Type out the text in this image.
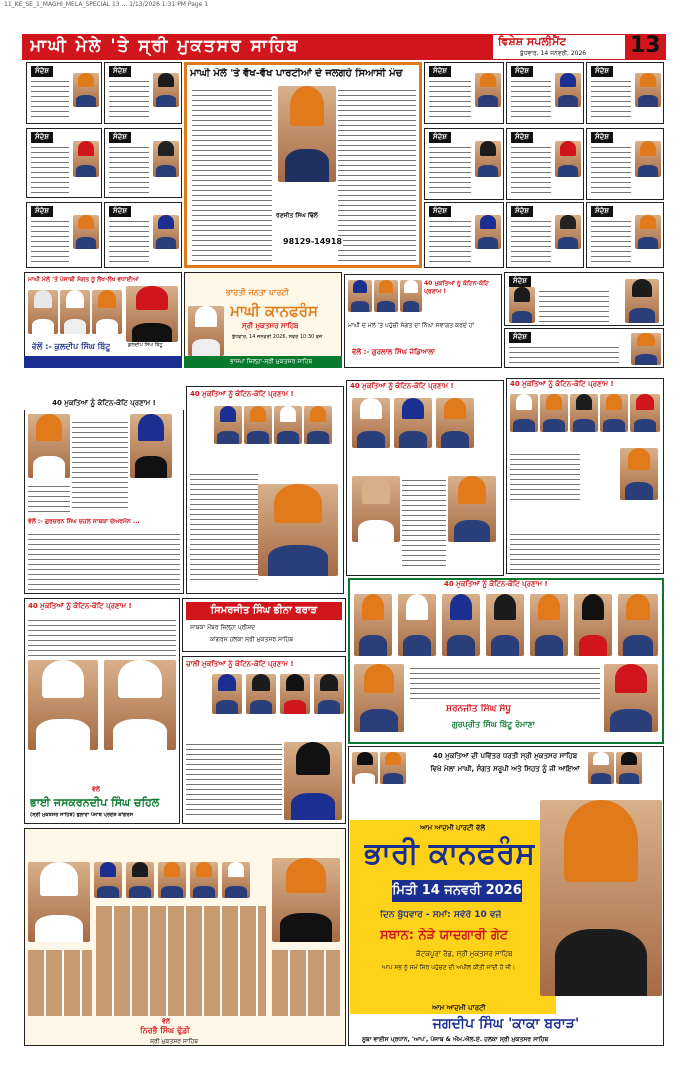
11_KE_SE_1_MAGHI_MELA_SPECIAL 13 ... 1/13/2026 1:31 PM Page 1
ਮਾਘੀ ਮੇਲੇ 'ਤੇ ਸ੍ਰੀ ਮੁਕਤਸਰ ਸਾਹਿਬ	ਵਿਸ਼ੇਸ਼ ਸਪਲੀਮੈਂਟ
ਬੁੱਧਵਾਰ, 14 ਜਨਵਰੀ, 2026 13
ਸੰਦੇਸ਼	ਸੰਦੇਸ਼
ਸੰਦੇਸ਼	ਸੰਦੇਸ਼
ਸੰਦੇਸ਼	ਸੰਦੇਸ਼
ਮਾਘੀ ਮੇਲੇ 'ਤੇ ਵੱਖ-ਵੱਖ ਪਾਰਟੀਆਂ ਦੇ ਜਲਗਹੇ ਸਿਆਸੀ ਮੰਚ
ਰਣਜੀਤ ਸਿੰਘ ਢਿੱਲੋਂ
98129-14918
ਸੰਦੇਸ਼	ਸੰਦੇਸ਼	ਸੰਦੇਸ਼
ਸੰਦੇਸ਼	ਸੰਦੇਸ਼	ਸੰਦੇਸ਼
ਸੰਦੇਸ਼	ਸੰਦੇਸ਼	ਸੰਦੇਸ਼
ਮਾਘੀ ਮੇਲੇ 'ਤੇ ਪੰਜਾਬੀ ਸੰਗਤ ਨੂੰ ਲੱਖ-ਲੱਖ ਵਧਾਈਆਂ
ਵੱਲੋਂ :- ਕੁਲਦੀਪ ਸਿੰਘ ਬਿੱਟੂ	ਕੁਲਦੀਪ ਸਿੰਘ ਬਿੱਟੂ
ਭਾਰਤੀ ਜਨਤਾ ਪਾਰਟੀ
ਮਾਘੀ ਕਾਨਫਰੰਸ
ਸ੍ਰੀ ਮੁਕਤਸਰ ਸਾਹਿਬ
ਬੁੱਧਵਾਰ, 14 ਜਨਵਰੀ 2026, ਸਵੇਰੇ 10:30 ਵਜੇ
ਭਾਜਪਾ ਜ਼ਿਲ੍ਹਾ-ਸ੍ਰੀ ਮੁਕਤਸਰ ਸਾਹਿਬ
40 ਮੁਕਤਿਆਂ ਨੂੰ ਕੋਟਿਨ-ਕੋਟਿ ਪ੍ਰਣਾਮ !
ਮਾਘੀ ਦੇ ਮੇਲੇ 'ਤੇ ਪਹੁੰਚੀ ਸੰਗਤ ਦਾ ਨਿੱਘਾ ਸਵਾਗਤ ਕਰਦੇ ਹਾਂ
ਵੱਲੋਂ :- ਗੁਰਲਾਲ ਸਿੰਘ ਜੰਡਿਆਲਾ
ਸੰਦੇਸ਼
ਸੰਦੇਸ਼
40 ਮੁਕਤਿਆਂ ਨੂੰ ਕੋਟਿਨ-ਕੋਟਿ ਪ੍ਰਣਾਮ !
ਵੱਲੋਂ :- ਗੁਰਚਰਨ ਸਿੰਘ ਚਹਲ ਸਾਬਕਾ ਚੇਅਰਮੈਨ ...
40 ਮੁਕਤਿਆਂ ਨੂੰ ਕੋਟਿਨ-ਕੋਟਿ ਪ੍ਰਣਾਮ !
40 ਮੁਕਤਿਆਂ ਨੂੰ ਕੋਟਿਨ-ਕੋਟਿ ਪ੍ਰਣਾਮ !	40 ਮੁਕਤਿਆਂ ਨੂੰ ਕੋਟਿਨ-ਕੋਟਿ ਪ੍ਰਣਾਮ !
40 ਮੁਕਤਿਆਂ ਨੂੰ ਕੋਟਿਨ-ਕੋਟਿ ਪ੍ਰਣਾਮ !
ਵੱਲੋਂ
ਭਾਈ ਜਸਕਰਨਦੀਪ ਸਿੰਘ ਚਹਿਲ
(ਸ੍ਰੀ ਮੁਕਤਸਰ ਸਾਹਿਬ) ਬੁਲਾਰਾ ਪੰਜਾਬ ਪ੍ਰਦੇਸ਼ ਕਾਂਗਰਸ
ਸਿਮਰਜੀਤ ਸਿੰਘ ਭੀਨਾ ਬਰਾੜ
ਸਾਬਕਾ ਮੈਂਬਰ ਜ਼ਿਲ੍ਹਾ ਪ੍ਰੀਸ਼ਦ
ਕਾਂਗਰਸ ਹਲਕਾ ਸ੍ਰੀ ਮੁਕਤਸਰ ਸਾਹਿਬ
ਚਾਲੀ ਮੁਕਤਿਆਂ ਨੂੰ ਕੋਟਿਨ-ਕੋਟਿ ਪ੍ਰਣਾਮ !
40 ਮੁਕਤਿਆਂ ਨੂੰ ਕੋਟਿਨ-ਕੋਟਿ ਪ੍ਰਣਾਮ !
ਸ਼ਰਨਜੀਤ ਸਿੰਘ ਸੰਧੂ
ਗੁਰਪ੍ਰੀਤ ਸਿੰਘ ਬਿੱਟੂ ਰੋਮਾਣਾ
40 ਮੁਕਤਿਆਂ ਦੀ ਪਵਿੱਤਰ ਧਰਤੀ ਸ੍ਰੀ ਮੁਕਤਸਰ ਸਾਹਿਬ ਵਿਖੇ ਮੇਲਾ ਮਾਘੀ, ਸੰਗਤ ਸਰੂਪੀ ਅਤੇ ਸਿਹਤ ਨੂੰ ਜੀ ਆਇਆਂ
ਆਮ ਆਦਮੀ ਪਾਰਟੀ ਵੱਲੋਂ
ਭਾਰੀ ਕਾਨਫਰੰਸ
ਮਿਤੀ 14 ਜਨਵਰੀ 2026
ਦਿਨ ਬੁੱਧਵਾਰ - ਸਮਾਂ: ਸਵੇਰੇ 10 ਵਜੇ
ਸਥਾਨ: ਨੇੜੇ ਯਾਦਗਾਰੀ ਗੇਟ
ਕੋਟਕਪੂਰਾ ਰੋਡ, ਸ੍ਰੀ ਮੁਕਤਸਰ ਸਾਹਿਬ
ਆਪ ਸਭ ਨੂੰ ਸਮੇਂ ਸਿਰ ਪਹੁੰਚਣ ਦੀ ਅਪੀਲ ਕੀਤੀ ਜਾਂਦੀ ਹੈ ਜੀ।
ਆਮ ਆਦਮੀ ਪਾਰਟੀ
ਜਗਦੀਪ ਸਿੰਘ 'ਕਾਕਾ ਬਰਾੜ'
ਸੂਬਾ ਵਾਈਸ ਪ੍ਰਧਾਨ, 'ਆਪ', ਪੰਜਾਬ & ਐਮ.ਐਲ.ਏ. ਹਲਕਾ ਸ੍ਰੀ ਮੁਕਤਸਰ ਸਾਹਿਬ
ਵੱਲੋਂ
ਨਿਰਭੈ ਸਿੰਘ ਢੁੱਡੀ
ਸ੍ਰੀ ਮੁਕਤਸਰ ਸਾਹਿਬ
